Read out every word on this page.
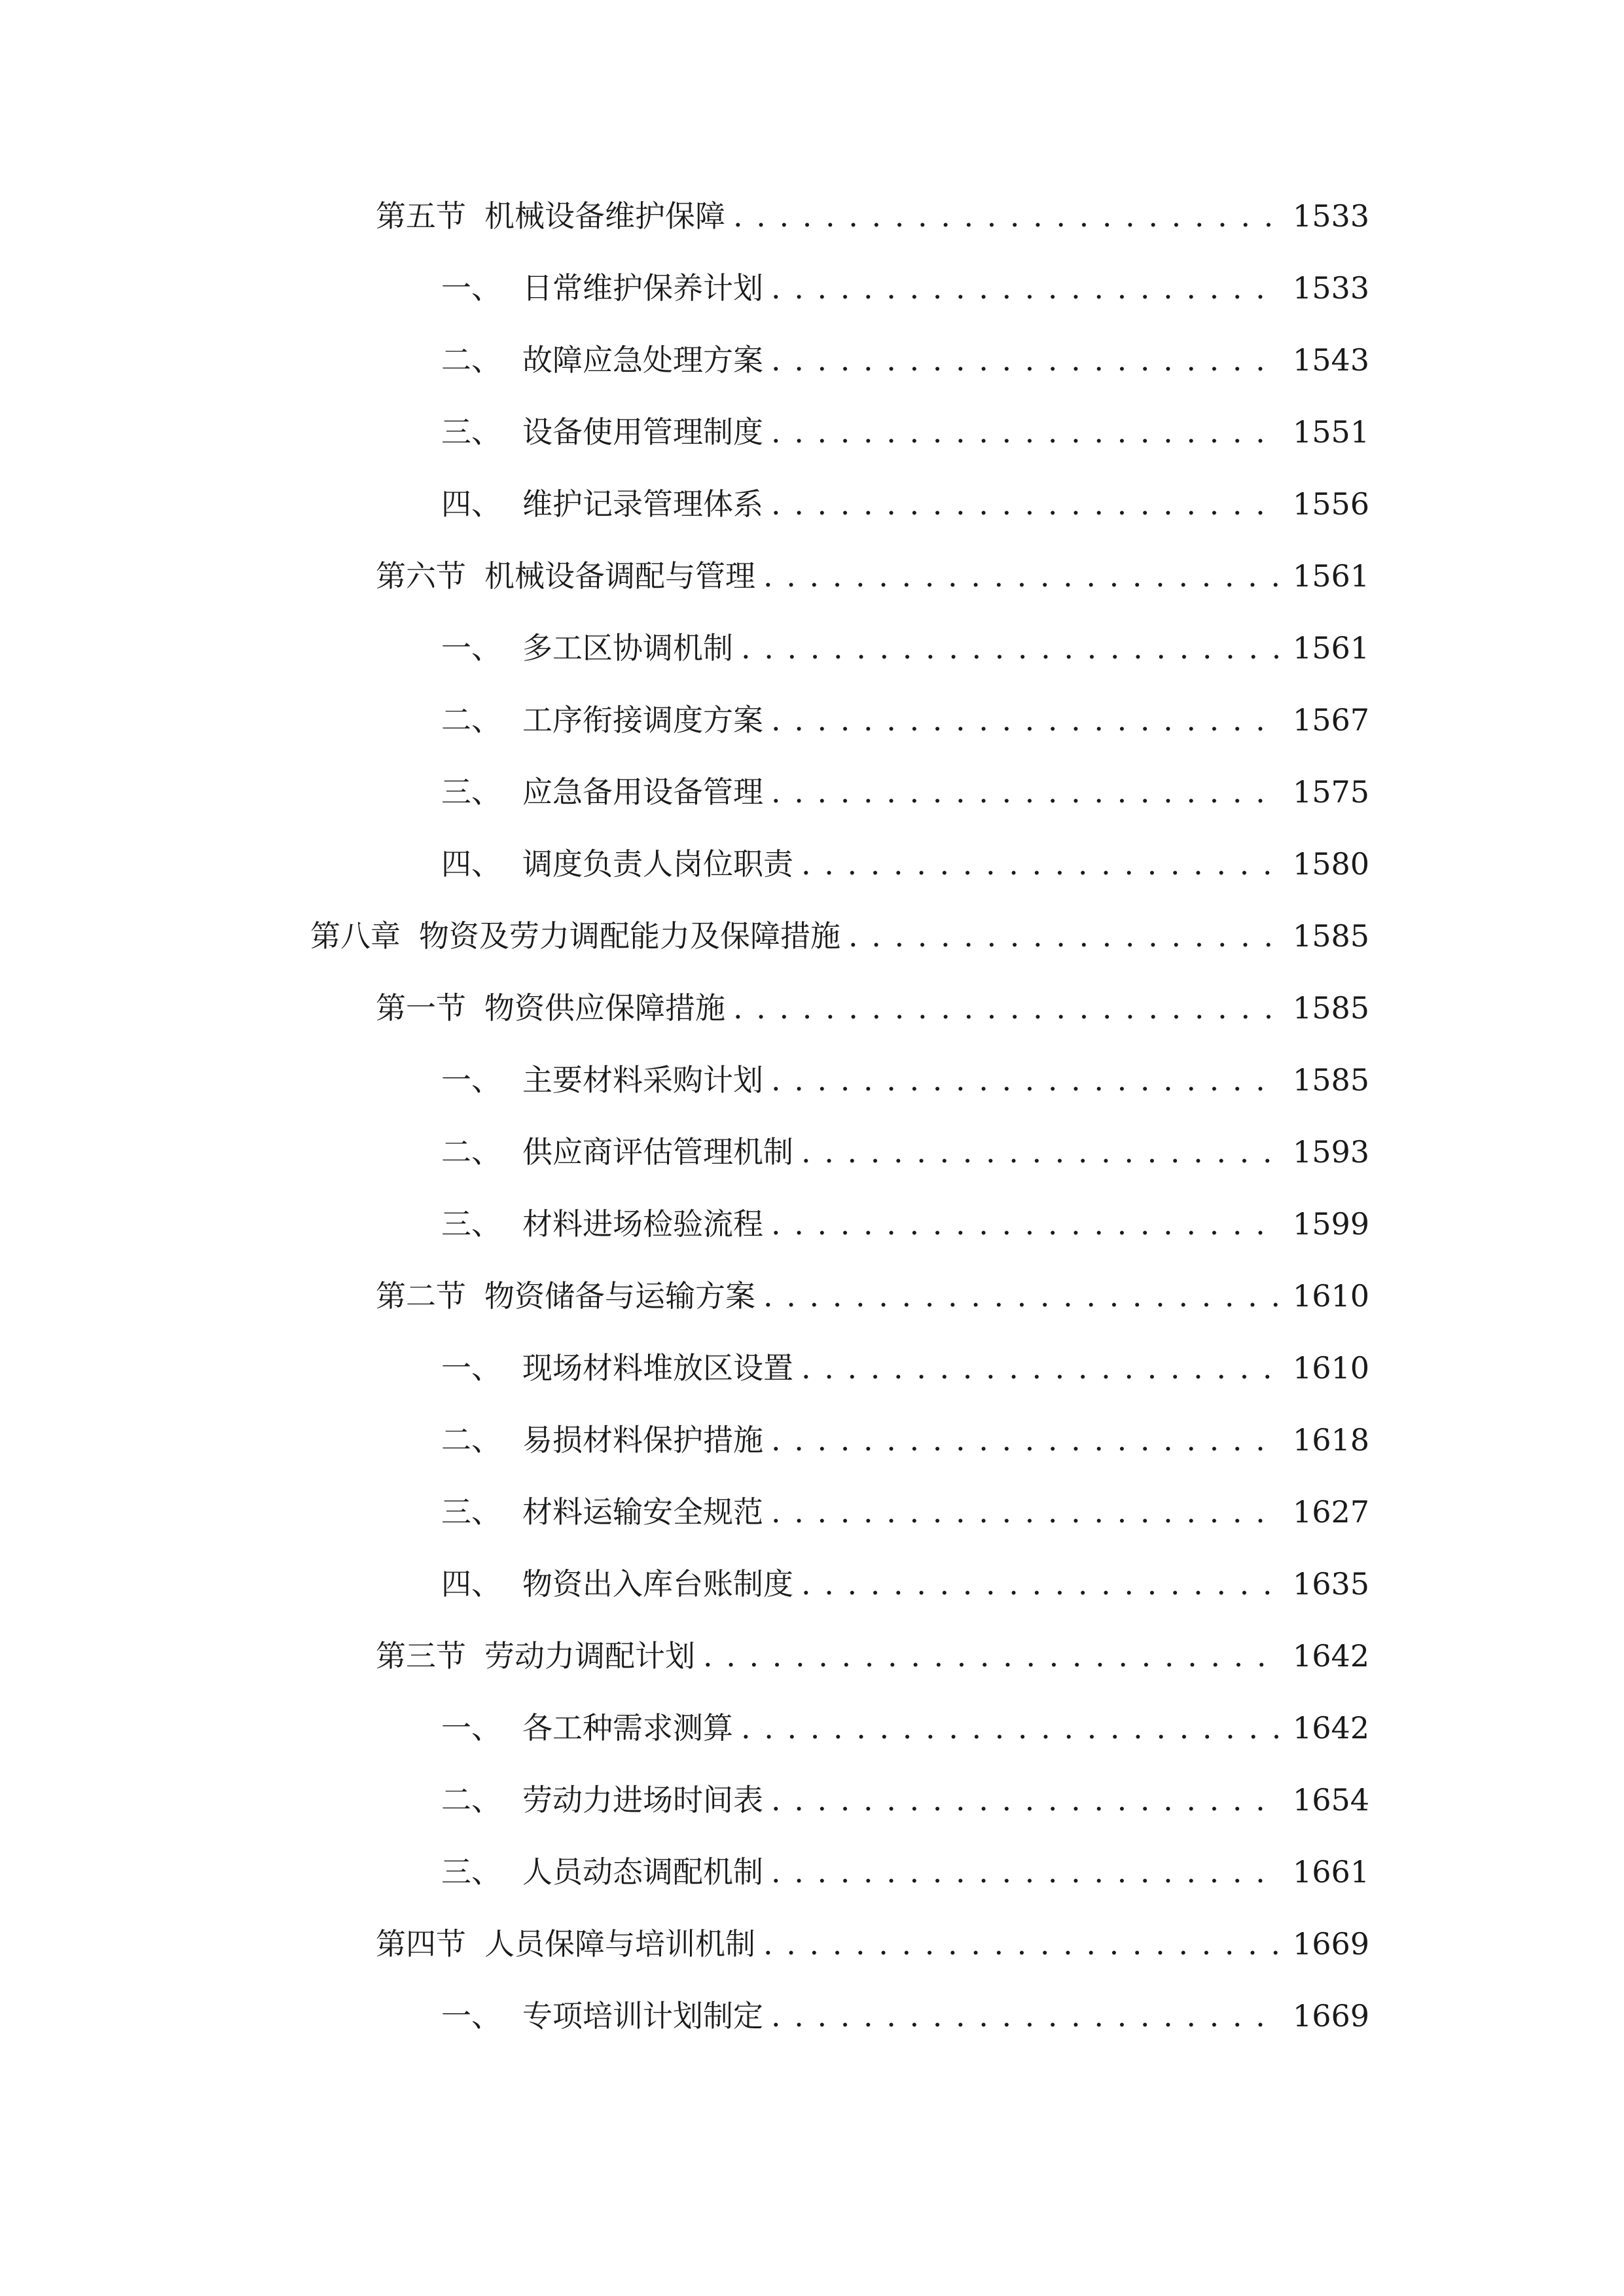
第五节 机械设备维护保障 . . .	1533
一、 日常维护保养计划 . . .	1533
二、 故障应急处理方案 . . .	1543
三、 设备使用管理制度 . . .	1551
四、 维护记录管理体系 . . .	1556
第六节 机械设备调配与管理 . . .	1561
一、 多工区协调机制 . . .	1561
二、 工序衔接调度方案 . . .	1567
三、 应急备用设备管理 . . .	1575
四、 调度负责人岗位职责 . . .	1580
第八章 物资及劳力调配能力及保障措施 . . .	1585
第一节 物资供应保障措施 . . .	1585
一、 主要材料采购计划 . . .	1585
二、 供应商评估管理机制 . . .	1593
三、 材料进场检验流程 . . .	1599
第二节 物资储备与运输方案 . . .	1610
一、 现场材料堆放区设置 . . .	1610
二、 易损材料保护措施 . . .	1618
三、 材料运输安全规范 . . .	1627
四、 物资出入库台账制度 . . .	1635
第三节 劳动力调配计划 . . .	1642
一、 各工种需求测算 . . .	1642
二、 劳动力进场时间表 . . .	1654
三、 人员动态调配机制 . . .	1661
第四节 人员保障与培训机制 . . .	1669
一、 专项培训计划制定 . . .	1669
